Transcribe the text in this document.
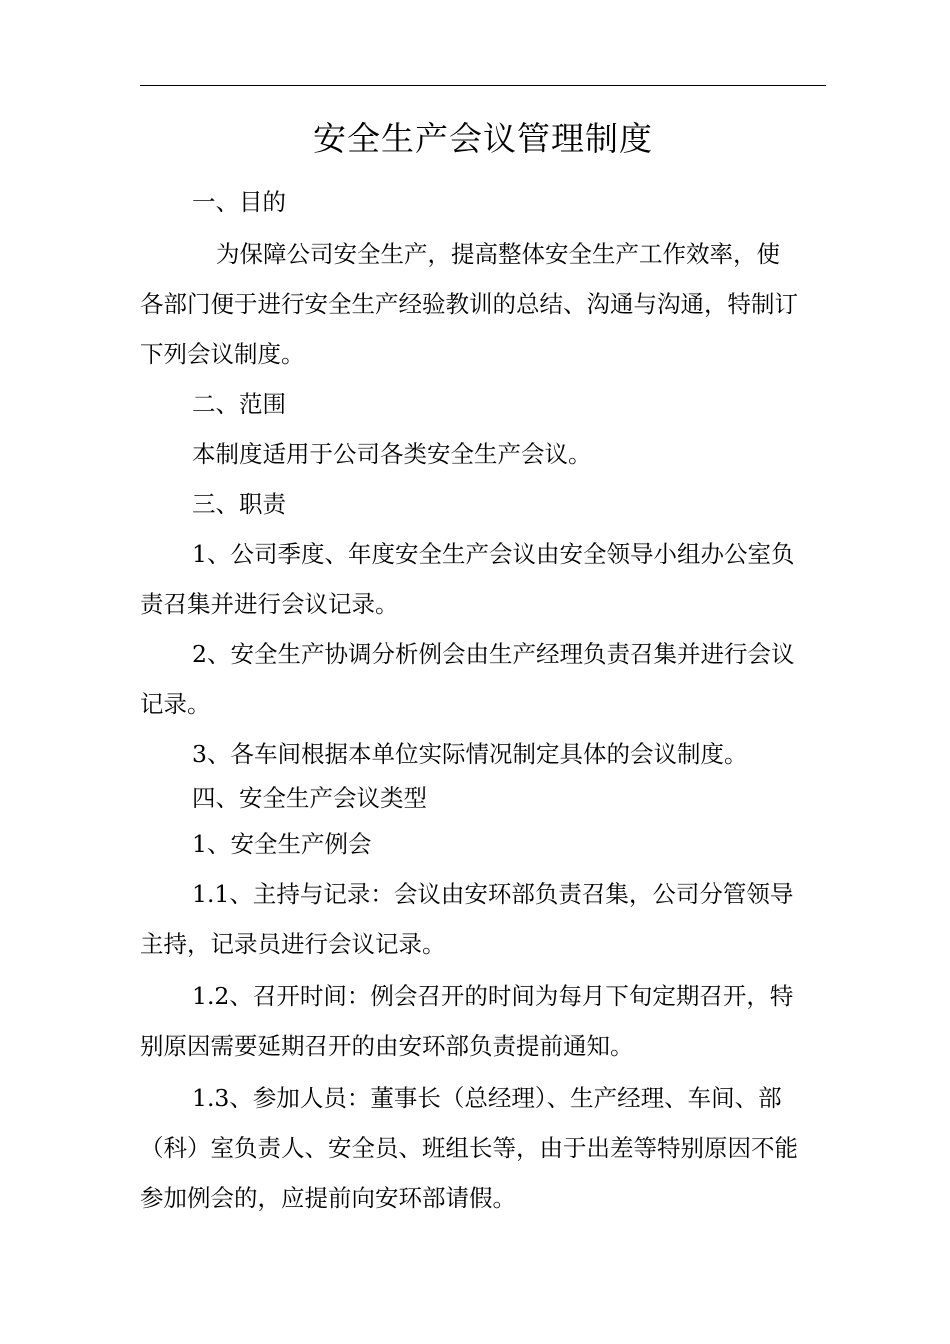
安全生产会议管理制度
一、目的
为保障公司安全生产，提高整体安全生产工作效率，使
各部门便于进行安全生产经验教训的总结、沟通与沟通，特制订
下列会议制度。
二、范围
本制度适用于公司各类安全生产会议。
三、职责
1、公司季度、年度安全生产会议由安全领导小组办公室负
责召集并进行会议记录。
2、安全生产协调分析例会由生产经理负责召集并进行会议
记录。
3、各车间根据本单位实际情况制定具体的会议制度。
四、安全生产会议类型
1、安全生产例会
1.1、主持与记录：会议由安环部负责召集，公司分管领导
主持，记录员进行会议记录。
1.2、召开时间：例会召开的时间为每月下旬定期召开，特
别原因需要延期召开的由安环部负责提前通知。
1.3、参加人员：董事长（总经理）、生产经理、车间、部
（科）室负责人、安全员、班组长等，由于出差等特别原因不能
参加例会的，应提前向安环部请假。
